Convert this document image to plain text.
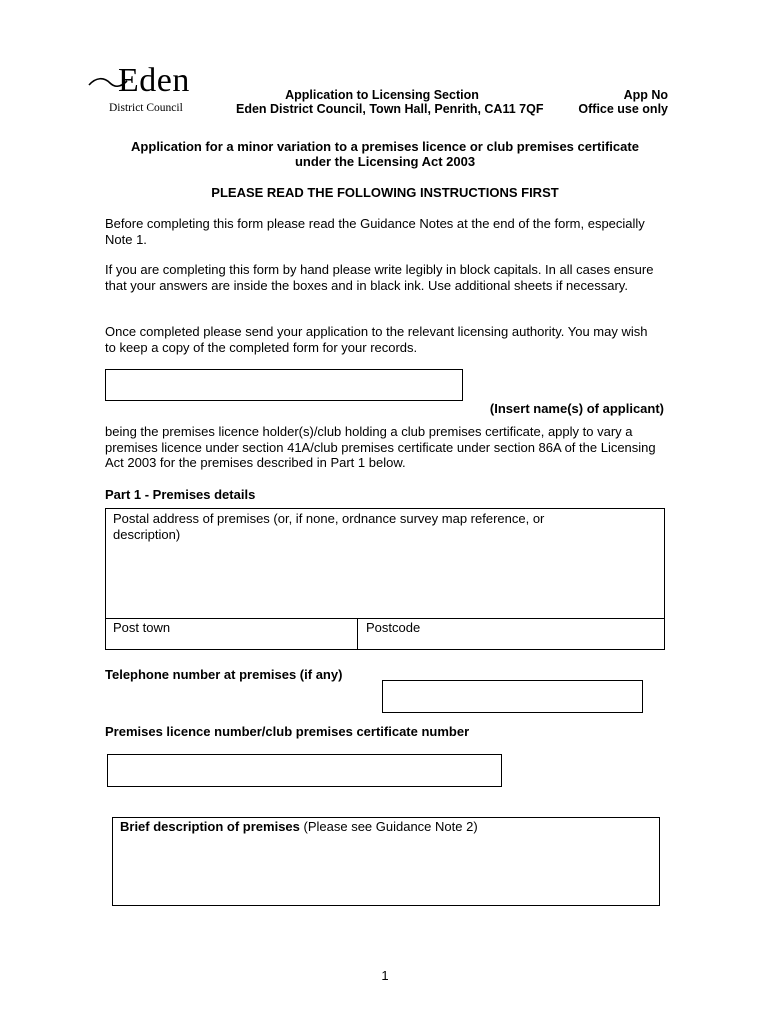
Eden
District Council
Application to Licensing Section
Eden District Council, Town Hall, Penrith, CA11 7QF
App No
Office use only
Application for a minor variation to a premises licence or club premises certificate
under the Licensing Act 2003
PLEASE READ THE FOLLOWING INSTRUCTIONS FIRST
Before completing this form please read the Guidance Notes at the end of the form, especially Note 1.
If you are completing this form by hand please write legibly in block capitals. In all cases ensure that your answers are inside the boxes and in black ink. Use additional sheets if necessary.
Once completed please send your application to the relevant licensing authority. You may wish to keep a copy of the completed form for your records.
(Insert name(s) of applicant)
being the premises licence holder(s)/club holding a club premises certificate, apply to vary a premises licence under section 41A/club premises certificate under section 86A of the Licensing Act 2003 for the premises described in Part 1 below.
Part 1 - Premises details
Postal address of premises (or, if none, ordnance survey map reference, or description)
Post town	Postcode
Telephone number at premises (if any)
Premises licence number/club premises certificate number
Brief description of premises (Please see Guidance Note 2)
1
